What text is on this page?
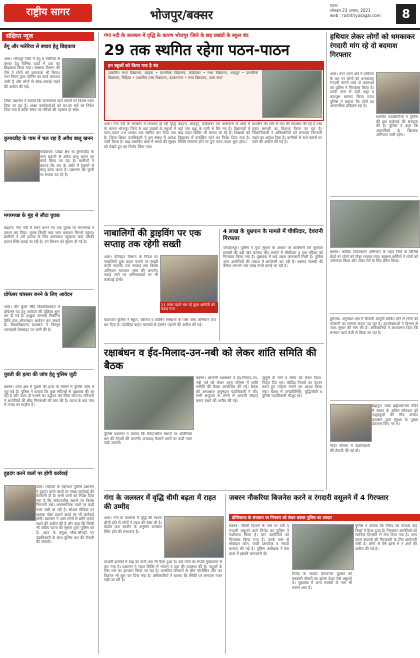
राष्ट्रीय सागर	भोजपुर/बक्सर
पटना
सोमवार 23 अगस्त, 2021
web : rashtriyasagar.com	8
संक्षिप्त न्यूज
डेंगू और मलेरिया से बचाव हेतु छिड़काव
आरा। भोजपुर जिले में डेंगू व मलेरिया से बचाव हेतु विभिन्न वार्डों में दवा का छिड़काव किया गया। स्वास्थ्य विभाग की टीम ने लोगों को जागरूक भी किया। नगर निगम द्वारा फॉगिंग का कार्य लगातार जारी है और लोगों से साफ-सफाई रखने की अपील की गई।
जिला प्रशासन ने बताया कि जलजमाव वाले स्थानों पर विशेष ध्यान दिया जा रहा है। आशा कार्यकर्ताओं को घर-घर सर्वे का निर्देश दिया गया है ताकि समय पर मरीजों की पहचान हो सके।
कुमारडीह के पास में चल रहा है अवैध बालू खनन
कोईलवर। प्रखंड क्षेत्र के कुमारडीह के पास धड़ल्ले से अवैध बालू खनन का कार्य किया जा रहा है। ग्रामीणों ने बताया कि रात के अंधेरे में ट्रैक्टरों से बालू ढोया जाता है। प्रशासन की चुप्पी पर सवाल उठ रहे हैं।
मगरमच्छ के मुंह से लौटा युवक
बड़हरा। गंगा नदी में स्नान करने गए एक युवक पर मगरमच्छ ने हमला कर दिया। युवक किसी तरह जान बचाकर किनारे पहुंचा। ग्रामीणों ने उसे इलाज के लिए अस्पताल पहुंचाया जहां उसकी हालत स्थिर बताई जा रही है। वन विभाग को सूचना दी गई है।
प्रोफेसर चांसलर बनने के लिए आवेदन
आरा। वीर कुंवर सिंह विश्वविद्यालय में प्रोफेसर पद हेतु आवेदन की प्रक्रिया शुरू कर दी गई है। इच्छुक अभ्यर्थी निर्धारित तिथि तक ऑनलाइन आवेदन कर सकते हैं। विश्वविद्यालय प्रशासन ने विस्तृत जानकारी वेबसाइट पर जारी की है।
युवती की हत्या की जांच हेतु पुलिस जुटी
बक्सर। थाना क्षेत्र में युवती की हत्या के मामले में पुलिस जांच में जुट गई है। पुलिस ने बताया कि कुछ संदिग्धों से पूछताछ की जा रही है और जल्द ही मामले का उद्भेदन कर लिया जाएगा। परिजनों ने आरोपियों की शीघ्र गिरफ्तारी की मांग की है। घटना के बाद गांव में तनाव का माहौल है।
हुड़दंग करने वालों पर होगी कार्रवाई
आरा। त्योहारों के मद्देनजर पुलिस प्रशासन ने हुड़दंग करने वालों पर सख्त कार्रवाई की चेतावनी दी है। सभी थानों को निर्देश दिया गया है कि संवेदनशील स्थानों पर विशेष निगरानी रखें। असामाजिक तत्वों पर कड़ी नजर रखी जा रही है। सोशल मीडिया पर भ्रामक पोस्ट डालने वालों पर भी कार्रवाई होगी। प्रशासन ने आम लोगों से शांति बनाए रखने की अपील की है और कहा कि किसी भी अप्रिय घटना की सूचना तुरंत पुलिस को दें। शहर के प्रमुख चौक-चौराहों पर दंडाधिकारी के साथ पुलिस बल की तैनाती की जाएगी।
गंगा नदी के जलस्तर में वृद्धि के कारण भोजपुर जिले के छह प्रखंडों के स्कूल बंद
29 तक स्थगित रहेगा पठन-पाठन
इन स्कूलों को किया गया है बंद
उत्क्रमित मध्य विद्यालय, बड़हरा • प्राथमिक विद्यालय, कोईलवर • मध्य विद्यालय, शाहपुर • प्राथमिक विद्यालय, बिहिया • उत्क्रमित उच्च विद्यालय, उदवंतनगर • मध्य विद्यालय, आरा सदर
आरा। गंगा नदी के जलस्तर में लगातार हो रही वृद्धि के कारण भोजपुर जिले के छह प्रखंडों के स्कूलों में पठन-पाठन 29 अगस्त तक स्थगित कर दिया गया है। जिला शिक्षा पदाधिकारी ने इस संबंध में आदेश जारी किया है। बाढ़ प्रभावित क्षेत्रों में बच्चों की सुरक्षा को देखते हुए यह निर्णय लिया गया।
बड़हरा, शाहपुर, कोईलवर एवं आसपास के क्षेत्रों में कई गांव बाढ़ के पानी से घिर गए हैं। विद्यालयों में बाढ़ राहत शिविर भी चलाए जा रहे हैं। शिक्षकों को विद्यालय में उपस्थित रहने का निर्देश दिया गया है। स्थिति सामान्य होने पर पुनः पठन-पाठन शुरू होगा।
प्रशासन की ओर से नाव की व्यवस्था की गई है तथा राहत सामग्री का वितरण किया जा रहा है। जिलाधिकारी ने अधिकारियों को लगातार निगरानी रखने का आदेश दिया है। ग्रामीणों से ऊंचे स्थानों पर जाने की अपील की गई है।
नाबालिगों की ड्राइविंग पर एक सप्ताह तक रहेगी सख्ती
आरा। परिवहन विभाग के निर्देश पर नाबालिगों द्वारा वाहन चलाने पर सख्ती बरती जाएगी। एक सप्ताह तक विशेष अभियान चलाकर जांच की जाएगी। पकड़े जाने पर अभिभावकों पर भी कार्रवाई होगी।
21 साल पहले चल रहे कुछ आरोपी को पकड़ गया
यातायात पुलिस ने स्कूल, कॉलेज व कोचिंग संस्थानों के पास जांच अभियान तेज कर दिया है। दोपहिया वाहन चालकों से हेलमेट पहनने की अपील की गई।
4 लाख के धुम्रपान के मामले में चौकीदार, देवरानी गिरफ्तार
जगदीशपुर। पुलिस ने गुप्त सूचना के आधार पर छापेमारी कर धुम्रपान सामग्री की बड़ी खेप बरामद की। मामले में चौकीदार व एक महिला को गिरफ्तार किया गया है। पूछताछ में कई अहम जानकारी मिली है। पुलिस अन्य आरोपियों की तलाश में छापेमारी कर रही है। बरामद सामग्री की कीमत लगभग चार लाख रुपये बताई जा रही है।
रक्षाबंधन व ईद-मिलाद-उन-नबी को लेकर शांति समिति की बैठक
बक्सर। आगामी रक्षाबंधन व ईद-मिलाद-उन-नबी पर्व को लेकर थाना परिसर में शांति समिति की बैठक आयोजित की गई। बैठक की अध्यक्षता अनुमंडल पदाधिकारी ने की। सभी समुदाय के लोगों से आपसी सौहार्द बनाए रखने की अपील की गई।
जुलूस के मार्ग व समय को लेकर दिशा-निर्देश दिए गए। कोविड नियमों का पालन करते हुए त्योहार मनाने का आग्रह किया गया। बैठक में जनप्रतिनिधि, बुद्धिजीवी व पुलिस पदाधिकारी मौजूद रहे।
पुलिस प्रशासन ने बताया कि संवेदनशील स्थानों पर अतिरिक्त बल की तैनाती की जाएगी। अफवाह फैलाने वालों पर कड़ी नजर रखी जाएगी।
गंगा के जलस्तर में वृद्धि धीमी बढ़ता में राहत की उम्मीद
आरा। गंगा के जलस्तर में वृद्धि की रफ्तार धीमी होने से लोगों ने राहत की सांस ली है। केंद्रीय जल आयोग के अनुसार जलस्तर स्थिर होने की संभावना है।
तटवर्ती इलाकों में बाढ़ का पानी अब भी फैला हुआ है। कई गांवों का संपर्क मुख्यालय से कट गया है। प्रशासन ने राहत शिविर में भोजन व दवा की व्यवस्था की है। पशुओं के लिए चारे का इंतजाम किया जा रहा है। प्रभावित परिवारों के बीच पॉलीथिन शीट का वितरण भी शुरू कर दिया गया है। अधिकारियों ने बताया कि स्थिति पर लगातार नजर रखी जा रही है।
जबरन नौकरिया बिजनेस करने व रंगदारी वसूलने में 4 गिरफ्तार
डीजिकाया के संचालन पर नियंत्रण को लेकर बक्सर पुलिस का दमदार
बक्सर। नौकरी दिलाने के नाम पर ठगी व रंगदारी वसूलने वाले गिरोह का पुलिस ने पर्दाफाश किया है। चार आरोपियों को गिरफ्तार किया गया है। उनके पास से मोबाइल फोन, फर्जी दस्तावेज व नकदी बरामद की गई है। पुलिस अधीक्षक ने प्रेस वार्ता में इसकी जानकारी दी।
गिरोह के सदस्य बेरोजगार युवकों को सरकारी नौकरी का झांसा देकर पैसे वसूलते थे। पूछताछ में अन्य सदस्यों के नाम भी सामने आए हैं।
पुलिस ने बताया कि गिरोह का नेटवर्क कई जिलों में फैला हुआ है। गिरफ्तार आरोपियों को न्यायिक हिरासत में भेज दिया गया है। अन्य फरार सदस्यों की गिरफ्तारी के लिए छापेमारी जारी है। लोगों से ऐसे झांसे में न आने की अपील की गई है।
हथियार लेकर लोगों को धमकाकर रंगदारी मांग रहे दो बदमाश गिरफ्तार
आरा। नगर थाना क्षेत्र में हथियार के बल पर लोगों को धमकाकर रंगदारी मांगने वाले दो बदमाशों को पुलिस ने गिरफ्तार किया है। उनके पास से देशी कट्टा व कारतूस बरामद किया गया। पुलिस ने बताया कि दोनों का आपराधिक इतिहास रहा है।
स्थानीय व्यवसायियों ने पुलिस की इस कार्रवाई की सराहना की है। पुलिस ने कहा कि अपराधियों के खिलाफ अभियान जारी रहेगा।
बक्सर। कोविड टीकाकरण अभियान के तहत जिले के विभिन्न केंद्रों पर लोगों को टीका लगाया गया। स्वास्थ्य कर्मियों ने लोगों को जागरूक किया और टीका लेने के लिए प्रेरित किया।
डुमरांव। अनुमंडल क्षेत्र में बिजली आपूर्ति बाधित होने से लोगों को परेशानी का सामना करना पड़ रहा है। उपभोक्ताओं ने विभाग से जल्द सुधार की मांग की है। अधिकारियों ने आश्वासन दिया कि मरम्मत कार्य तेजी से किया जा रहा है।
ब्रह्मपुर। बाबा ब्रह्मेश्वरनाथ मंदिर में सावन के अंतिम सोमवार को श्रद्धालुओं की भीड़ उमड़ी। प्रशासन द्वारा सुरक्षा के पुख्ता इंतजाम किए गए थे।
मंदिर परिसर में दंडाधिकारी की तैनाती की गई थी।
